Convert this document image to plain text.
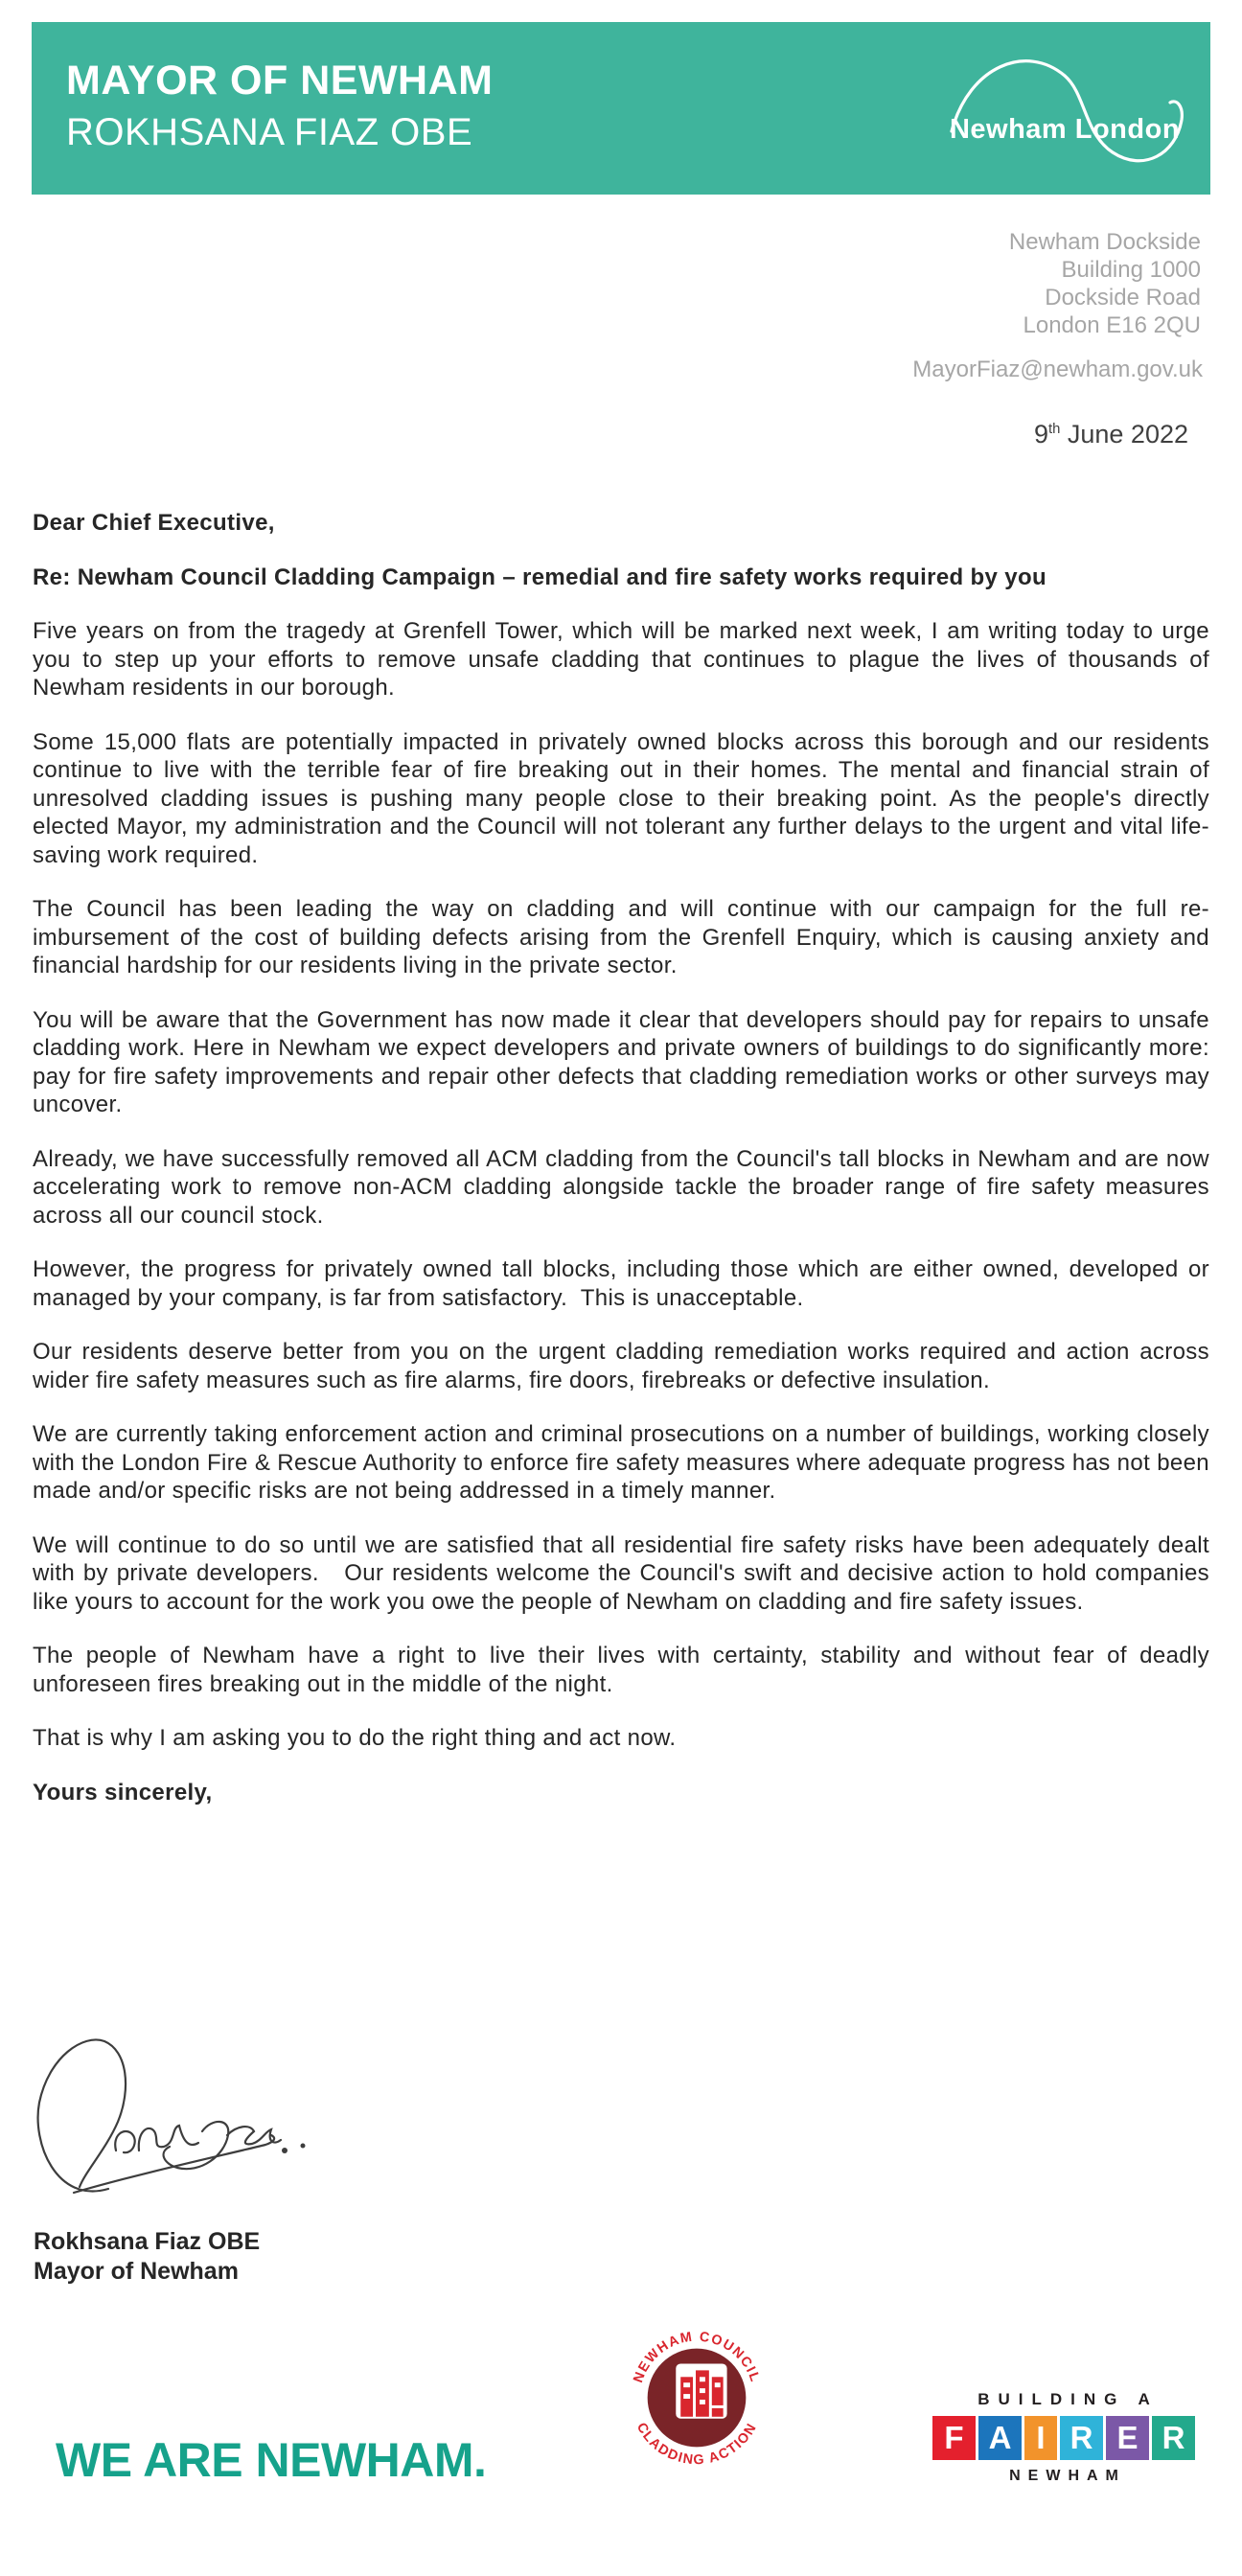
MAYOR OF NEWHAM
ROKHSANA FIAZ OBE	Newham London
Newham Dockside
Building 1000
Dockside Road
London E16 2QU
MayorFiaz@newham.gov.uk
9th June 2022

Dear Chief Executive,

Re: Newham Council Cladding Campaign – remedial and fire safety works required by you

Five years on from the tragedy at Grenfell Tower, which will be marked next week, I am writing today to urge you to step up your efforts to remove unsafe cladding that continues to plague the lives of thousands of Newham residents in our borough.

Some 15,000 flats are potentially impacted in privately owned blocks across this borough and our residents continue to live with the terrible fear of fire breaking out in their homes. The mental and financial strain of unresolved cladding issues is pushing many people close to their breaking point. As the people's directly elected Mayor, my administration and the Council will not tolerant any further delays to the urgent and vital life-saving work required.

The Council has been leading the way on cladding and will continue with our campaign for the full re-imbursement of the cost of building defects arising from the Grenfell Enquiry, which is causing anxiety and financial hardship for our residents living in the private sector.

You will be aware that the Government has now made it clear that developers should pay for repairs to unsafe cladding work. Here in Newham we expect developers and private owners of buildings to do significantly more: pay for fire safety improvements and repair other defects that cladding remediation works or other surveys may uncover.

Already, we have successfully removed all ACM cladding from the Council's tall blocks in Newham and are now accelerating work to remove non-ACM cladding alongside tackle the broader range of fire safety measures across all our council stock.

However, the progress for privately owned tall blocks, including those which are either owned, developed or managed by your company, is far from satisfactory.  This is unacceptable.

Our residents deserve better from you on the urgent cladding remediation works required and action across wider fire safety measures such as fire alarms, fire doors, firebreaks or defective insulation.

We are currently taking enforcement action and criminal prosecutions on a number of buildings, working closely with the London Fire & Rescue Authority to enforce fire safety measures where adequate progress has not been made and/or specific risks are not being addressed in a timely manner.

We will continue to do so until we are satisfied that all residential fire safety risks have been adequately dealt with by private developers.   Our residents welcome the Council's swift and decisive action to hold companies like yours to account for the work you owe the people of Newham on cladding and fire safety issues.

The people of Newham have a right to live their lives with certainty, stability and without fear of deadly unforeseen fires breaking out in the middle of the night.

That is why I am asking you to do the right thing and act now.

Yours sincerely,

Rokhsana Fiaz OBE
Mayor of Newham
WE ARE NEWHAM.
NEWHAM COUNCIL
CLADDING ACTION
BUILDING A
F A I R E R
NEWHAM
